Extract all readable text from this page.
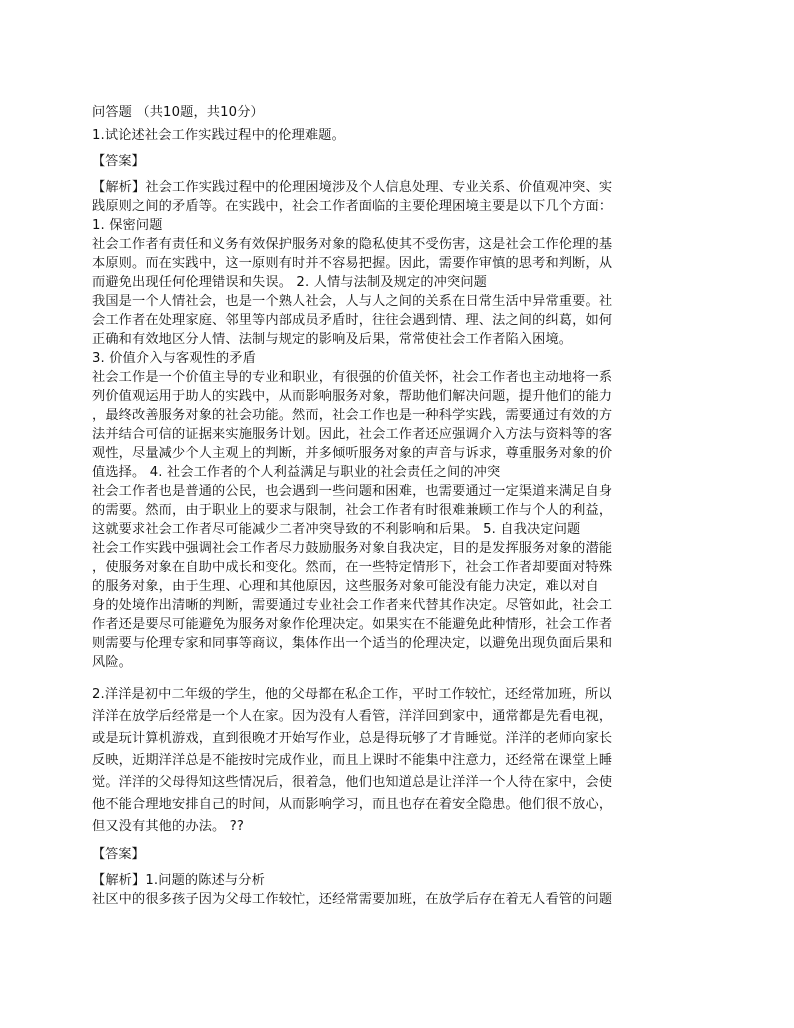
问答题 （共10题，共10分）
1.试论述社会工作实践过程中的伦理难题。
【答案】
【解析】社会工作实践过程中的伦理困境涉及个人信息处理、专业关系、价值观冲突、实
践原则之间的矛盾等。在实践中，社会工作者面临的主要伦理困境主要是以下几个方面：
1. 保密问题
社会工作者有责任和义务有效保护服务对象的隐私使其不受伤害，这是社会工作伦理的基
本原则。而在实践中，这一原则有时并不容易把握。因此，需要作审慎的思考和判断，从
而避免出现任何伦理错误和失误。 2. 人情与法制及规定的冲突问题
我国是一个人情社会，也是一个熟人社会，人与人之间的关系在日常生活中异常重要。社
会工作者在处理家庭、邻里等内部成员矛盾时，往往会遇到情、理、法之间的纠葛，如何
正确和有效地区分人情、法制与规定的影响及后果，常常使社会工作者陷入困境。
3. 价值介入与客观性的矛盾
社会工作是一个价值主导的专业和职业，有很强的价值关怀，社会工作者也主动地将一系
列价值观运用于助人的实践中，从而影响服务对象，帮助他们解决问题，提升他们的能力
，最终改善服务对象的社会功能。然而，社会工作也是一种科学实践，需要通过有效的方
法并结合可信的证据来实施服务计划。因此，社会工作者还应强调介入方法与资料等的客
观性，尽量减少个人主观上的判断，并多倾听服务对象的声音与诉求，尊重服务对象的价
值选择。 4. 社会工作者的个人利益满足与职业的社会责任之间的冲突
社会工作者也是普通的公民，也会遇到一些问题和困难，也需要通过一定渠道来满足自身
的需要。然而，由于职业上的要求与限制，社会工作者有时很难兼顾工作与个人的利益，
这就要求社会工作者尽可能减少二者冲突导致的不利影响和后果。 5. 自我决定问题
社会工作实践中强调社会工作者尽力鼓励服务对象自我决定，目的是发挥服务对象的潜能
，使服务对象在自助中成长和变化。然而，在一些特定情形下，社会工作者却要面对特殊
的服务对象，由于生理、心理和其他原因，这些服务对象可能没有能力决定，难以对自
身的处境作出清晰的判断，需要通过专业社会工作者来代替其作决定。尽管如此，社会工
作者还是要尽可能避免为服务对象作伦理决定。如果实在不能避免此种情形，社会工作者
则需要与伦理专家和同事等商议，集体作出一个适当的伦理决定，以避免出现负面后果和
风险。
2.洋洋是初中二年级的学生，他的父母都在私企工作，平时工作较忙，还经常加班，所以
洋洋在放学后经常是一个人在家。因为没有人看管，洋洋回到家中，通常都是先看电视，
或是玩计算机游戏，直到很晚才开始写作业，总是得玩够了才肯睡觉。洋洋的老师向家长
反映，近期洋洋总是不能按时完成作业，而且上课时不能集中注意力，还经常在课堂上睡
觉。洋洋的父母得知这些情况后，很着急，他们也知道总是让洋洋一个人待在家中，会使
他不能合理地安排自己的时间，从而影响学习，而且也存在着安全隐患。他们很不放心，
但又没有其他的办法。 ??
【答案】
【解析】1.问题的陈述与分析
社区中的很多孩子因为父母工作较忙，还经常需要加班，在放学后存在着无人看管的问题
